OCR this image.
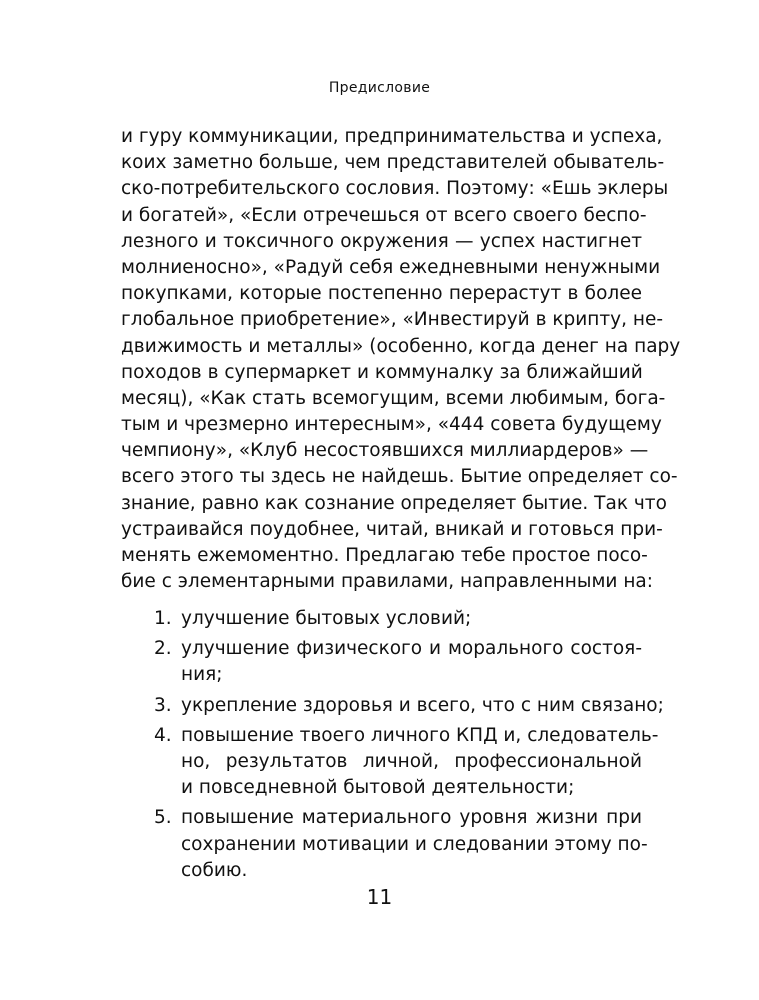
Предисловие
и гуру коммуникации, предпринимательства и успеха,
коих заметно больше, чем представителей обыватель-
ско-потребительского сословия. Поэтому: «Ешь эклеры
и богатей», «Если отречешься от всего своего беспо-
лезного и токсичного окружения — успех настигнет
молниеносно», «Радуй себя ежедневными ненужными
покупками, которые постепенно перерастут в более
глобальное приобретение», «Инвестируй в крипту, не-
движимость и металлы» (особенно, когда денег на пару
походов в супермаркет и коммуналку за ближайший
месяц), «Как стать всемогущим, всеми любимым, бога-
тым и чрезмерно интересным», «444 совета будущему
чемпиону», «Клуб несостоявшихся миллиардеров» —
всего этого ты здесь не найдешь. Бытие определяет со-
знание, равно как сознание определяет бытие. Так что
устраивайся поудобнее, читай, вникай и готовься при-
менять ежемоментно. Предлагаю тебе простое посо-
бие с элементарными правилами, направленными на:
1. улучшение бытовых условий;
2. улучшение физического и морального состоя-
ния;
3. укрепление здоровья и всего, что с ним связано;
4. повышение твоего личного КПД и, следователь-
но, результатов личной, профессиональной
и повседневной бытовой деятельности;
5. повышение материального уровня жизни при
сохранении мотивации и следовании этому по-
собию.
11
